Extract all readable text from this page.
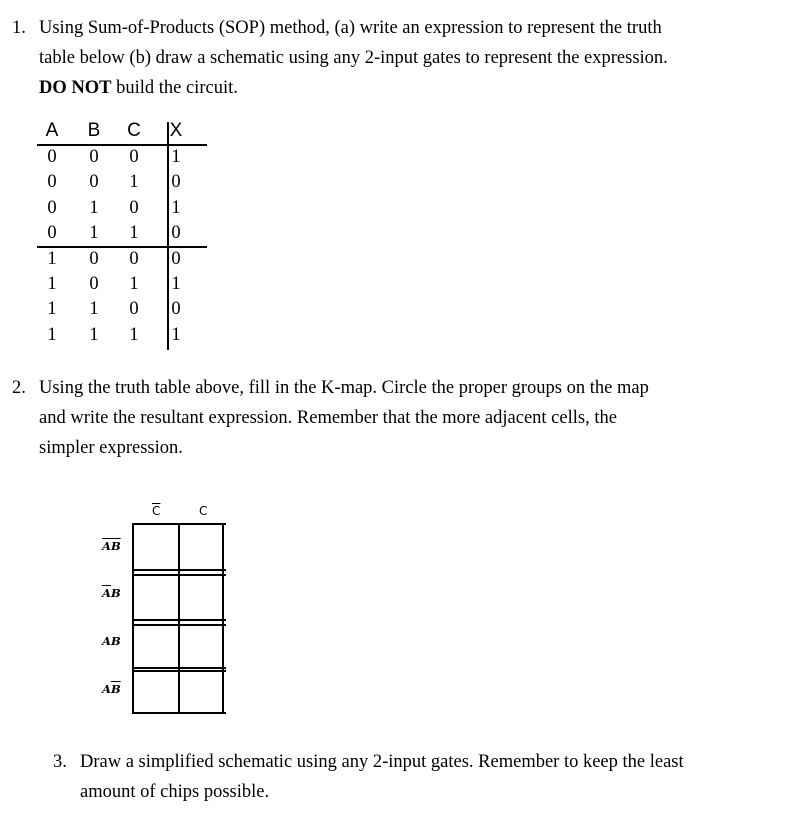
1. Using Sum-of-Products (SOP) method, (a) write an expression to represent the truth
table below (b) draw a schematic using any 2-input gates to represent the expression.
DO NOT build the circuit.
A	B	C	X
0	0	0	1
0	0	1	0
0	1	0	1
0	1	1	0
1	0	0	0
1	0	1	1
1	1	0	0
1	1	1	1
2. Using the truth table above, fill in the K-map. Circle the proper groups on the map
and write the resultant expression. Remember that the more adjacent cells, the
simpler expression.
$\overline{C}$	C
$\overline{A}\overline{B}$
$\overline{A}B$
AB
$A\overline{B}$
3. Draw a simplified schematic using any 2-input gates. Remember to keep the least
amount of chips possible.
